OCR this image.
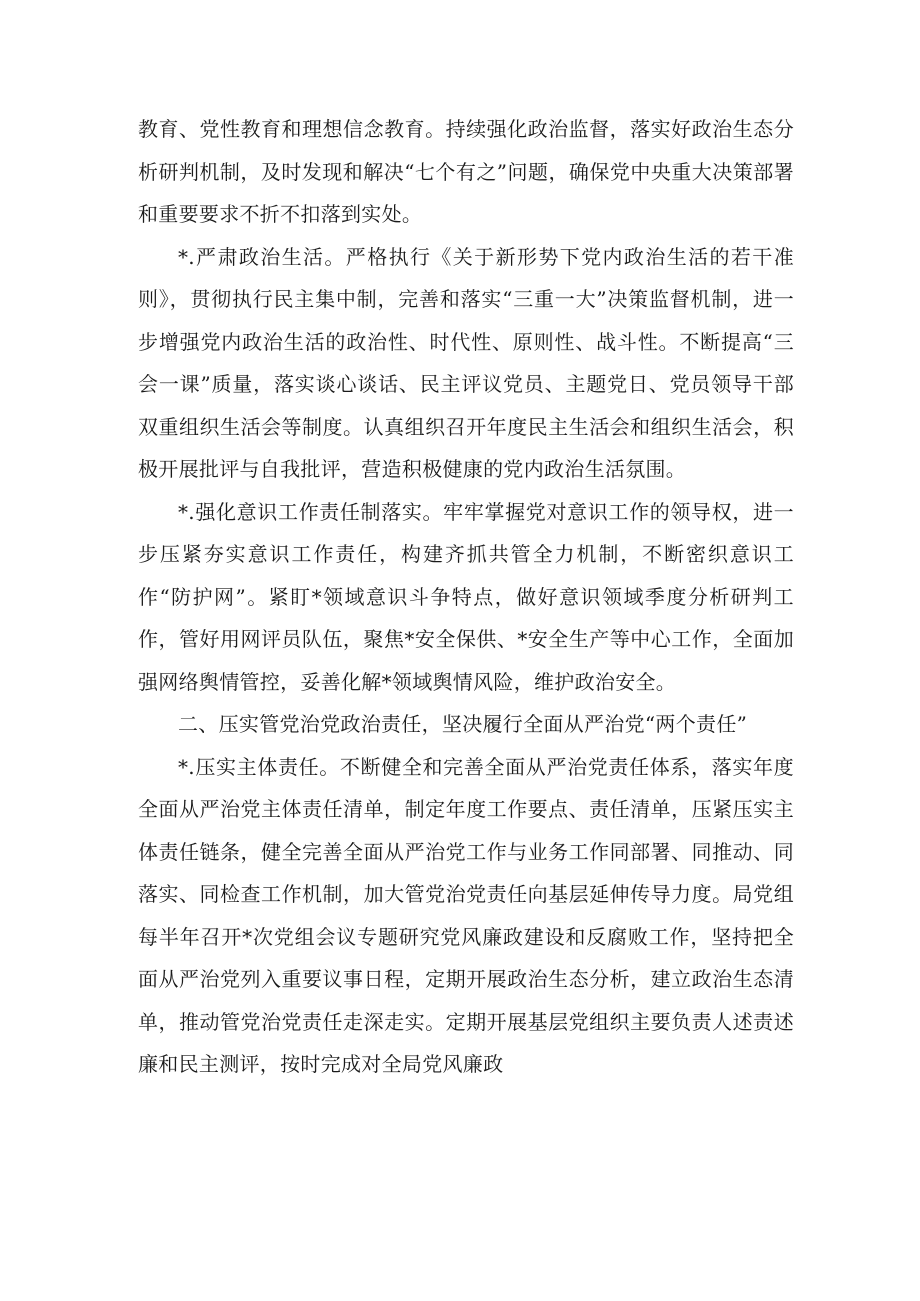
教育、党性教育和理想信念教育。持续强化政治监督，落实好政治生态分析研判机制，及时发现和解决“七个有之”问题，确保党中央重大决策部署和重要要求不折不扣落到实处。

*.严肃政治生活。严格执行《关于新形势下党内政治生活的若干准则》，贯彻执行民主集中制，完善和落实“三重一大”决策监督机制，进一步增强党内政治生活的政治性、时代性、原则性、战斗性。不断提高“三会一课”质量，落实谈心谈话、民主评议党员、主题党日、党员领导干部双重组织生活会等制度。认真组织召开年度民主生活会和组织生活会，积极开展批评与自我批评，营造积极健康的党内政治生活氛围。

*.强化意识工作责任制落实。牢牢掌握党对意识工作的领导权，进一步压紧夯实意识工作责任，构建齐抓共管全力机制，不断密织意识工作“防护网”。紧盯*领域意识斗争特点，做好意识领域季度分析研判工作，管好用网评员队伍，聚焦*安全保供、*安全生产等中心工作，全面加强网络舆情管控，妥善化解*领域舆情风险，维护政治安全。

二、压实管党治党政治责任，坚决履行全面从严治党“两个责任”

*.压实主体责任。不断健全和完善全面从严治党责任体系，落实年度全面从严治党主体责任清单，制定年度工作要点、责任清单，压紧压实主体责任链条，健全完善全面从严治党工作与业务工作同部署、同推动、同落实、同检查工作机制，加大管党治党责任向基层延伸传导力度。局党组每半年召开*次党组会议专题研究党风廉政建设和反腐败工作，坚持把全面从严治党列入重要议事日程，定期开展政治生态分析，建立政治生态清单，推动管党治党责任走深走实。定期开展基层党组织主要负责人述责述廉和民主测评，按时完成对全局党风廉政
